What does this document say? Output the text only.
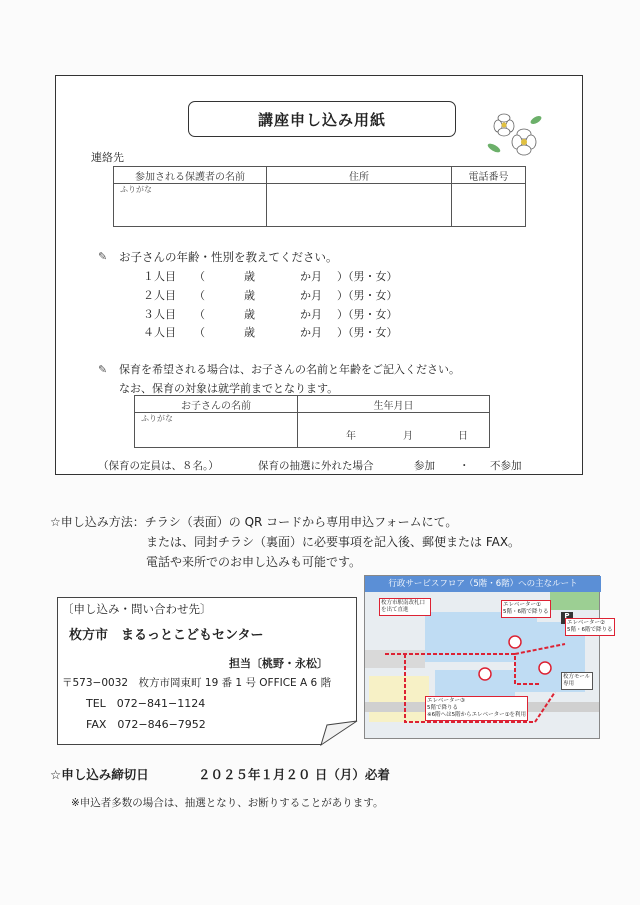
講座申し込み用紙
連絡先
参加される保護者の名前	住所	電話番号
ふりがな		
✎ お子さんの年齢・性別を教えてください。
１人目 （	歳	か月 ）（男・女）
２人目 （	歳	か月 ）（男・女）
３人目 （	歳	か月 ）（男・女）
４人目 （	歳	か月 ）（男・女）
✎ 保育を希望される場合は、お子さんの名前と年齢をご記入ください。
なお、保育の対象は就学前までとなります。
お子さんの名前	生年月日
ふりがな	年 月 日
（保育の定員は、８名。）	保育の抽選に外れた場合	参加 ・ 不参加
☆申し込み方法：チラシ（表面）の QR コードから専用申込フォームにて。
または、同封チラシ（裏面）に必要事項を記入後、郵便または FAX。
電話や来所でのお申し込みも可能です。
〔申し込み・問い合わせ先〕
枚方市　まるっとこどもセンター
担当〔桃野・永松〕
〒573−0032　枚方市岡東町 19 番 1 号 OFFICE A 6 階
TEL　072−841−1124
FAX　072−846−7952
行政サービスフロア（5階・6階）への主なルート
枚方市駅南改札口を出て直進
エレベーター①
5階・6階で降りる
エレベーター②
5階・6階で降りる
エレベーター③
5階で降りる
※6階へは5階からエレベーター①を利用
枚方モール専用
P
☆申し込み締切日	２０２５年１月２０ 日（月）必着
※申込者多数の場合は、抽選となり、お断りすることがあります。
